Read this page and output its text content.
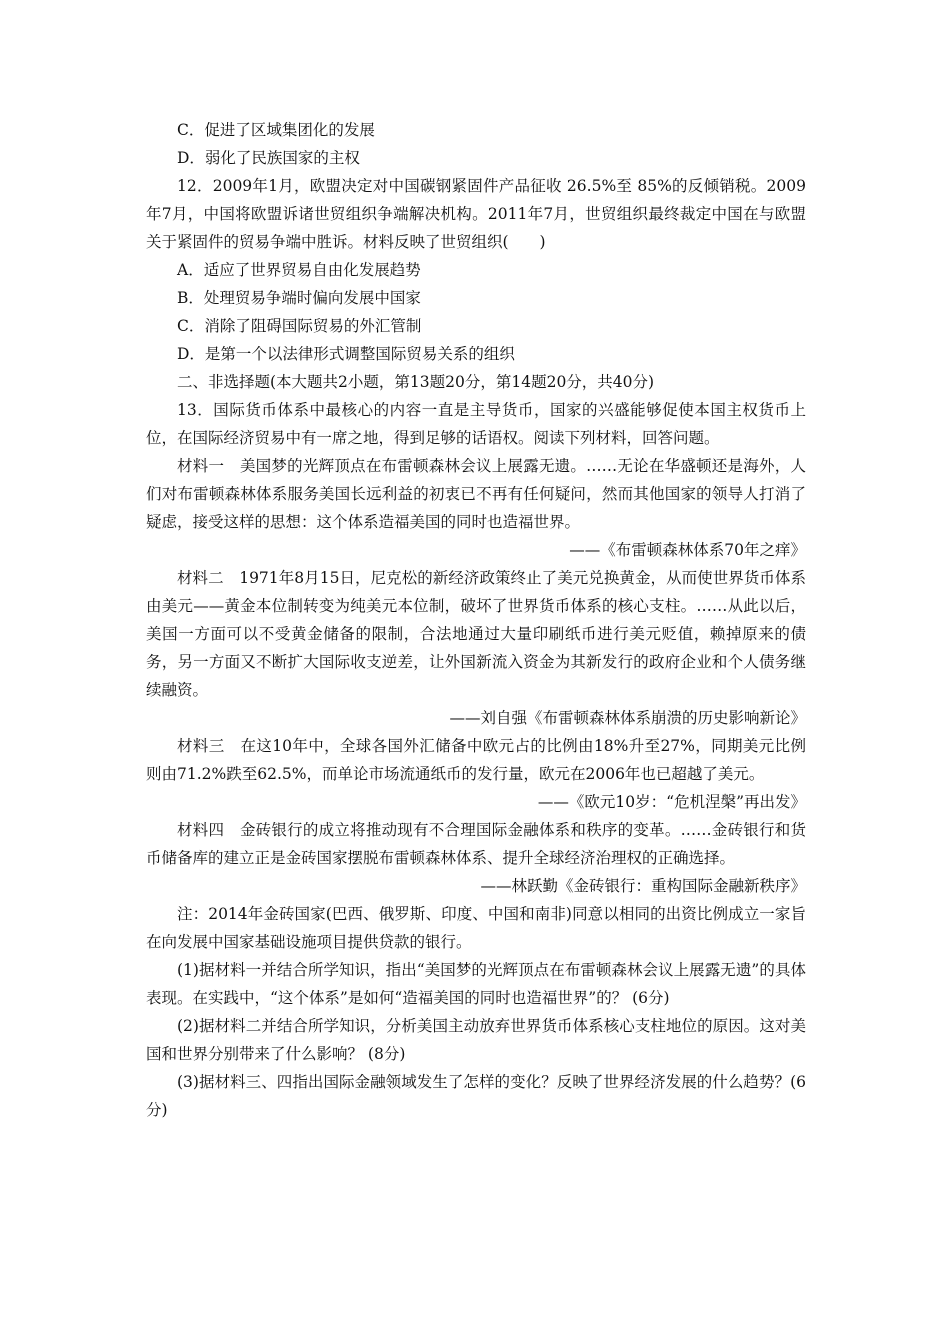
C．促进了区域集团化的发展

D．弱化了民族国家的主权

12．2009年1月，欧盟决定对中国碳钢紧固件产品征收 26.5%至 85%的反倾销税。2009年7月，中国将欧盟诉诸世贸组织争端解决机构。2011年7月，世贸组织最终裁定中国在与欧盟关于紧固件的贸易争端中胜诉。材料反映了世贸组织(　　)

A．适应了世界贸易自由化发展趋势

B．处理贸易争端时偏向发展中国家

C．消除了阻碍国际贸易的外汇管制

D．是第一个以法律形式调整国际贸易关系的组织

二、非选择题(本大题共2小题，第13题20分，第14题20分，共40分)

13．国际货币体系中最核心的内容一直是主导货币，国家的兴盛能够促使本国主权货币上位，在国际经济贸易中有一席之地，得到足够的话语权。阅读下列材料，回答问题。

材料一　美国梦的光辉顶点在布雷顿森林会议上展露无遗。……无论在华盛顿还是海外，人们对布雷顿森林体系服务美国长远利益的初衷已不再有任何疑问，然而其他国家的领导人打消了疑虑，接受这样的思想：这个体系造福美国的同时也造福世界。

——《布雷顿森林体系70年之痒》

材料二　1971年8月15日，尼克松的新经济政策终止了美元兑换黄金，从而使世界货币体系由美元——黄金本位制转变为纯美元本位制，破坏了世界货币体系的核心支柱。……从此以后，美国一方面可以不受黄金储备的限制，合法地通过大量印刷纸币进行美元贬值，赖掉原来的债务，另一方面又不断扩大国际收支逆差，让外国新流入资金为其新发行的政府企业和个人债务继续融资。

——刘自强《布雷顿森林体系崩溃的历史影响新论》

材料三　在这10年中，全球各国外汇储备中欧元占的比例由18%升至27%，同期美元比例则由71.2%跌至62.5%，而单论市场流通纸币的发行量，欧元在2006年也已超越了美元。

——《欧元10岁：“危机涅槃”再出发》

材料四　金砖银行的成立将推动现有不合理国际金融体系和秩序的变革。……金砖银行和货币储备库的建立正是金砖国家摆脱布雷顿森林体系、提升全球经济治理权的正确选择。

——林跃勤《金砖银行：重构国际金融新秩序》

注：2014年金砖国家(巴西、俄罗斯、印度、中国和南非)同意以相同的出资比例成立一家旨在向发展中国家基础设施项目提供贷款的银行。

(1)据材料一并结合所学知识，指出“美国梦的光辉顶点在布雷顿森林会议上展露无遗”的具体表现。在实践中，“这个体系”是如何“造福美国的同时也造福世界”的？ (6分)

(2)据材料二并结合所学知识，分析美国主动放弃世界货币体系核心支柱地位的原因。这对美国和世界分别带来了什么影响？ (8分)

(3)据材料三、四指出国际金融领域发生了怎样的变化？反映了世界经济发展的什么趋势？(6分)
